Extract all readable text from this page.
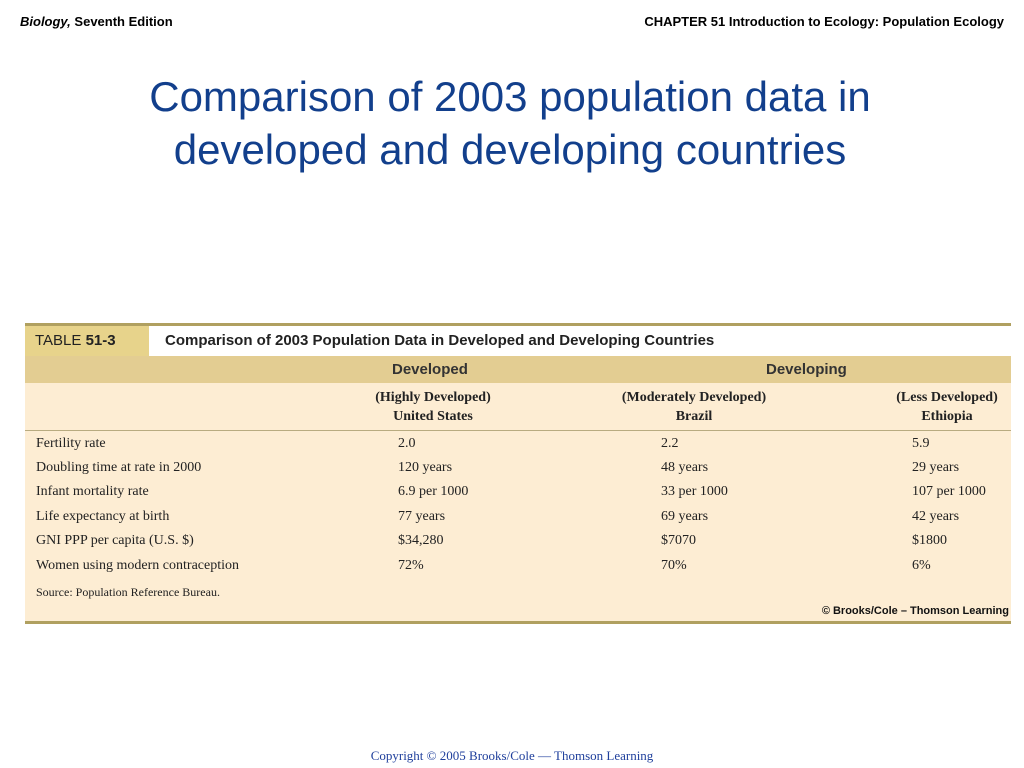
Biology, Seventh Edition	CHAPTER 51 Introduction to Ecology: Population Ecology
Comparison of 2003 population data in
developed and developing countries
TABLE 51-3	Comparison of 2003 Population Data in Developed and Developing Countries
Developed	Developing
(Highly Developed)
United States
(Moderately Developed)
Brazil
(Less Developed)
Ethiopia
Fertility rate	2.0	2.2	5.9
Doubling time at rate in 2000	120 years	48 years	29 years
Infant mortality rate	6.9 per 1000	33 per 1000	107 per 1000
Life expectancy at birth	77 years	69 years	42 years
GNI PPP per capita (U.S. $)	$34,280	$7070	$1800
Women using modern contraception	72%	70%	6%
Source: Population Reference Bureau.
© Brooks/Cole – Thomson Learning
Copyright © 2005 Brooks/Cole — Thomson Learning
